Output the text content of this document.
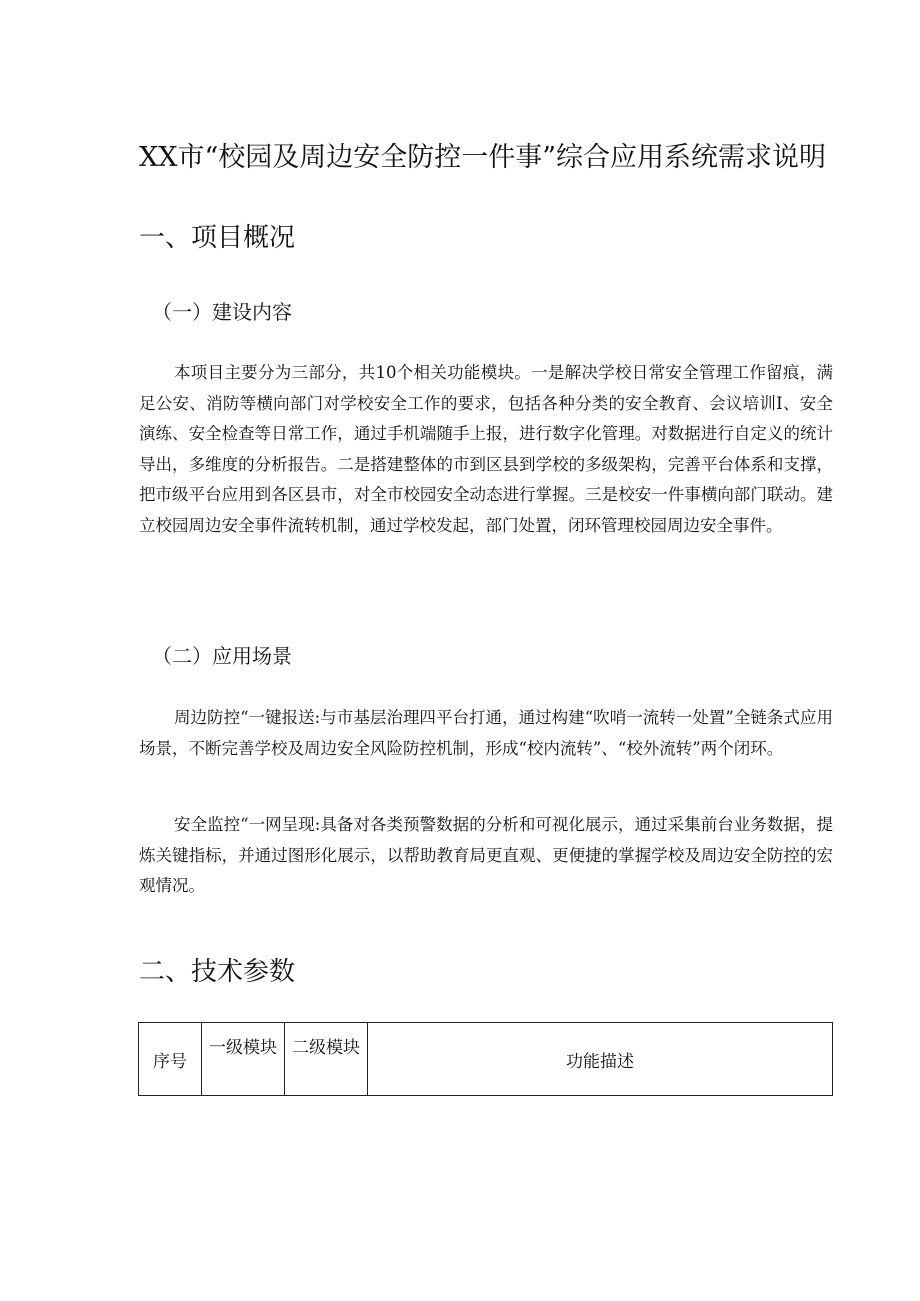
XX市“校园及周边安全防控一件事”综合应用系统需求说明
一、项目概况
（一）建设内容

本项目主要分为三部分，共10个相关功能模块。一是解决学校日常安全管理工作留痕，满足公安、消防等横向部门对学校安全工作的要求，包括各种分类的安全教育、会议培训I、安全演练、安全检查等日常工作，通过手机端随手上报，进行数字化管理。对数据进行自定义的统计导出，多维度的分析报告。二是搭建整体的市到区县到学校的多级架构，完善平台体系和支撑，把市级平台应用到各区县市，对全市校园安全动态进行掌握。三是校安一件事横向部门联动。建立校园周边安全事件流转机制，通过学校发起，部门处置，闭环管理校园周边安全事件。

（二）应用场景

周边防控“一键报送:与市基层治理四平台打通，通过构建“吹哨一流转一处置”全链条式应用场景，不断完善学校及周边安全风险防控机制，形成“校内流转”、“校外流转”两个闭环。

安全监控“一网呈现:具备对各类预警数据的分析和可视化展示，通过采集前台业务数据，提炼关键指标，并通过图形化展示，以帮助教育局更直观、更便捷的掌握学校及周边安全防控的宏观情况。

二、技术参数
序号	一级模块	二级模块	功能描述
